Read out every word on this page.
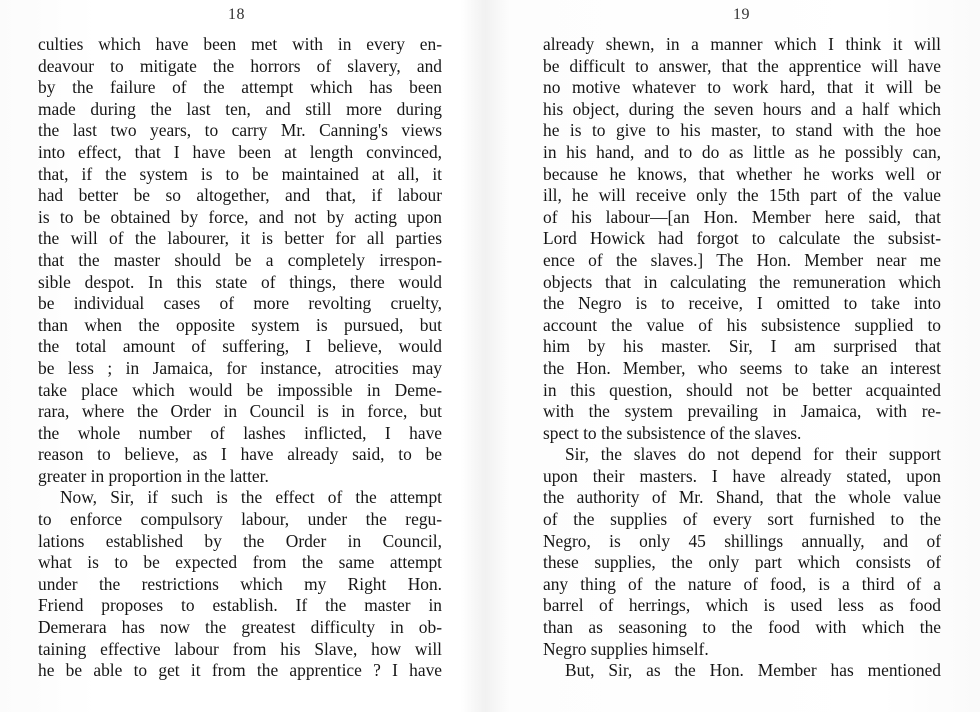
18	19
culties which have been met with in every en-
deavour to mitigate the horrors of slavery, and
by the failure of the attempt which has been
made during the last ten, and still more during
the last two years, to carry Mr. Canning's views
into effect, that I have been at length convinced,
that, if the system is to be maintained at all, it
had better be so altogether, and that, if labour
is to be obtained by force, and not by acting upon
the will of the labourer, it is better for all parties
that the master should be a completely irrespon-
sible despot. In this state of things, there would
be individual cases of more revolting cruelty,
than when the opposite system is pursued, but
the total amount of suffering, I believe, would
be less ; in Jamaica, for instance, atrocities may
take place which would be impossible in Deme-
rara, where the Order in Council is in force, but
the whole number of lashes inflicted, I have
reason to believe, as I have already said, to be
greater in proportion in the latter.
Now, Sir, if such is the effect of the attempt
to enforce compulsory labour, under the regu-
lations established by the Order in Council,
what is to be expected from the same attempt
under the restrictions which my Right Hon.
Friend proposes to establish. If the master in
Demerara has now the greatest difficulty in ob-
taining effective labour from his Slave, how will
he be able to get it from the apprentice ? I have
already shewn, in a manner which I think it will
be difficult to answer, that the apprentice will have
no motive whatever to work hard, that it will be
his object, during the seven hours and a half which
he is to give to his master, to stand with the hoe
in his hand, and to do as little as he possibly can,
because he knows, that whether he works well or
ill, he will receive only the 15th part of the value
of his labour—[an Hon. Member here said, that
Lord Howick had forgot to calculate the subsist-
ence of the slaves.] The Hon. Member near me
objects that in calculating the remuneration which
the Negro is to receive, I omitted to take into
account the value of his subsistence supplied to
him by his master. Sir, I am surprised that
the Hon. Member, who seems to take an interest
in this question, should not be better acquainted
with the system prevailing in Jamaica, with re-
spect to the subsistence of the slaves.
Sir, the slaves do not depend for their support
upon their masters. I have already stated, upon
the authority of Mr. Shand, that the whole value
of the supplies of every sort furnished to the
Negro, is only 45 shillings annually, and of
these supplies, the only part which consists of
any thing of the nature of food, is a third of a
barrel of herrings, which is used less as food
than as seasoning to the food with which the
Negro supplies himself.
But, Sir, as the Hon. Member has mentioned
